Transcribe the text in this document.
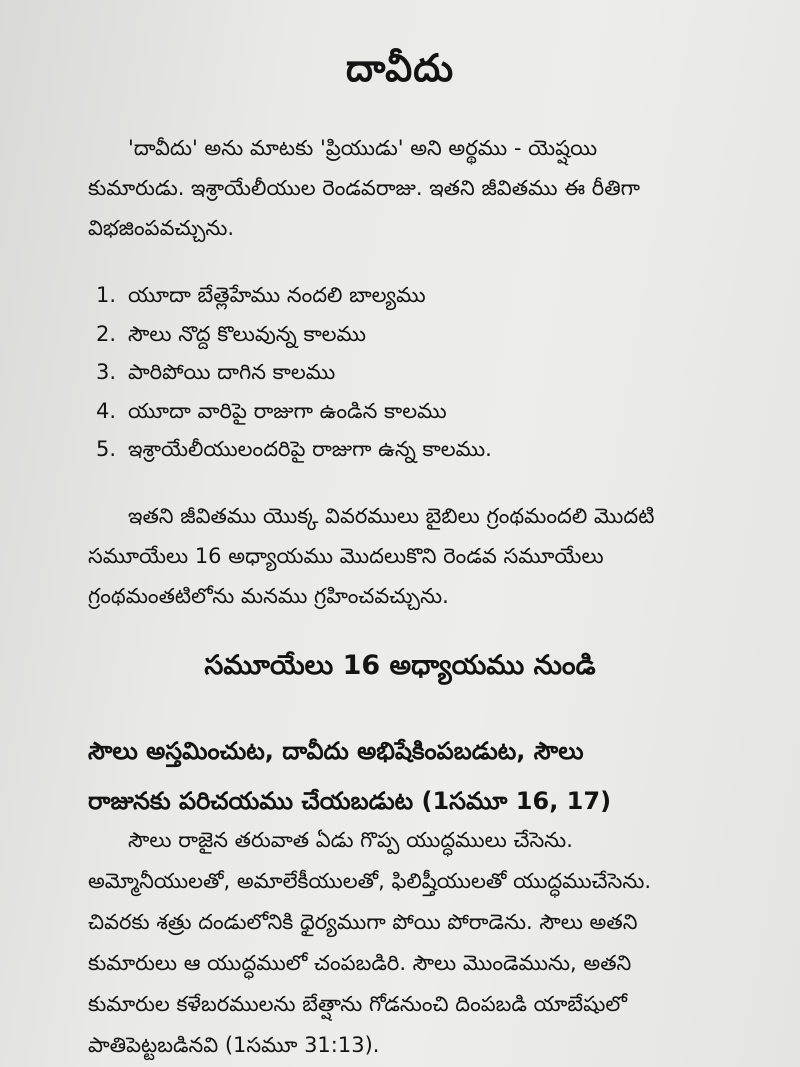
దావీదు
'దావీదు' అను మాటకు 'ప్రియుడు' అని అర్థము - యెష్షయి
కుమారుడు. ఇశ్రాయేలీయుల రెండవరాజు. ఇతని జీవితము ఈ రీతిగా
విభజింపవచ్చును.
1. యూదా బేత్లెహేము నందలి బాల్యము
2. సౌలు నొద్ద కొలువున్న కాలము
3. పారిపోయి దాగిన కాలము
4. యూదా వారిపై రాజుగా ఉండిన కాలము
5. ఇశ్రాయేలీయులందరిపై రాజుగా ఉన్న కాలము.
ఇతని జీవితము యొక్క వివరములు బైబిలు గ్రంథమందలి మొదటి
సమూయేలు 16 అధ్యాయము మొదలుకొని రెండవ సమూయేలు
గ్రంథమంతటిలోను మనము గ్రహించవచ్చును.
సమూయేలు 16 అధ్యాయము నుండి
సౌలు అస్తమించుట, దావీదు అభిషేకింపబడుట, సౌలు
రాజునకు పరిచయము చేయబడుట (1సమూ 16, 17)
సౌలు రాజైన తరువాత ఏడు గొప్ప యుద్ధములు చేసెను.
అమ్మోనీయులతో, అమాలేకీయులతో, ఫిలిష్తీయులతో యుద్ధముచేసెను.
చివరకు శత్రు దండులోనికి ధైర్యముగా పోయి పోరాడెను. సౌలు అతని
కుమారులు ఆ యుద్ధములో చంపబడిరి. సౌలు మొండెమును, అతని
కుమారుల కళేబరములను బేత్షాను గోడనుంచి దింపబడి యాబేషులో
పాతిపెట్టబడినవి (1సమూ 31:13).
